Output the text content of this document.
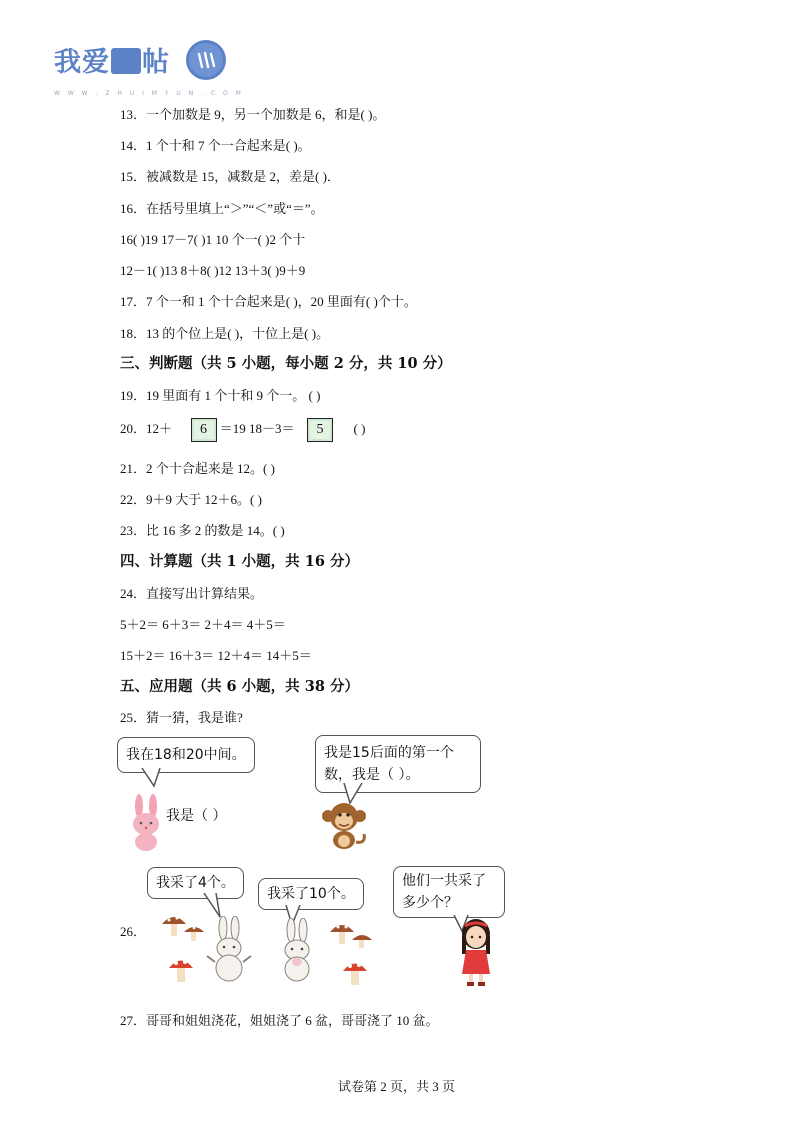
我爱 帖
W W W . Z H U I M Y U N . C O M
13．一个加数是 9，另一个加数是 6，和是( )。
14．1 个十和 7 个一合起来是( )。
15．被减数是 15，减数是 2，差是( )．
16．在括号里填上“＞”“＜”或“＝”。
16( )19 17－7( )1 10 个一( )2 个十
12－1( )13 8＋8( )12 13＋3( )9＋9
17．7 个一和 1 个十合起来是( )，20 里面有( )个十。
18．13 的个位上是( )，十位上是( )。
三、判断题（共 5 小题，每小题 2 分，共 10 分）
19．19 里面有 1 个十和 9 个一。 ( )
20．12＋ 6 ＝19 18－3＝ 5 ( )
21．2 个十合起来是 12。( )
22．9＋9 大于 12＋6。( )
23．比 16 多 2 的数是 14。( )
四、计算题（共 1 小题，共 16 分）
24．直接写出计算结果。
5＋2＝ 6＋3＝ 2＋4＝ 4＋5＝
15＋2＝ 16＋3＝ 12＋4＝ 14＋5＝
五、应用题（共 6 小题，共 38 分）
25．猜一猜，我是谁?
我在18和20中间。
我是（ ）
我是15后面的第一个
数，我是（ ）。
26．
我采了4个。
我采了10个。
他们一共采了
多少个？
27．哥哥和姐姐浇花，姐姐浇了 6 盆，哥哥浇了 10 盆。
试卷第 2 页，共 3 页
